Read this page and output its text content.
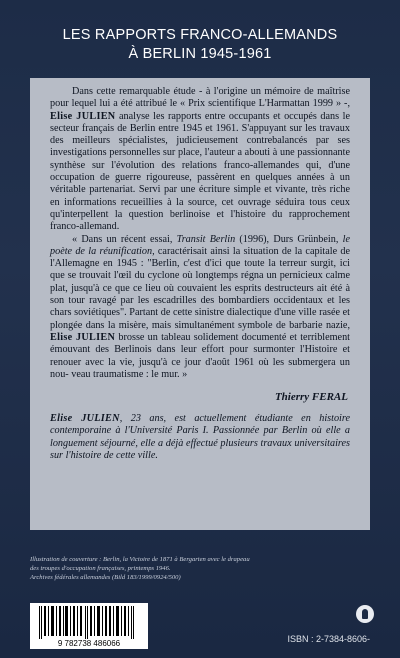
LES RAPPORTS FRANCO-ALLEMANDS
À BERLIN 1945-1961

Dans cette remarquable étude - à l'origine un mémoire de maîtrise pour lequel lui a été attribué le « Prix scientifique L'Harmattan 1999 » -, Elise JULIEN analyse les rapports entre occupants et occupés dans le secteur français de Berlin entre 1945 et 1961. S'appuyant sur les travaux des meilleurs spécialistes, judicieusement contrebalancés par ses investigations personnelles sur place, l'auteur a abouti à une passionnante synthèse sur l'évolution des relations franco-allemandes qui, d'une occupation de guerre rigoureuse, passèrent en quelques années à un véritable partenariat. Servi par une écriture simple et vivante, très riche en informations recueillies à la source, cet ouvrage séduira tous ceux qu'interpellent la question berlinoise et l'histoire du rapprochement franco-allemand.

« Dans un récent essai, Transit Berlin (1996), Durs Grünbein, le poète de la réunification, caractérisait ainsi la situation de la capitale de l'Allemagne en 1945 : "Berlin, c'est d'ici que toute la terreur surgit, ici que se trouvait l'œil du cyclone où longtemps régna un pernicieux calme plat, jusqu'à ce que ce lieu où couvaient les esprits destructeurs ait été à son tour ravagé par les escadrilles des bombardiers occidentaux et les chars soviétiques". Partant de cette sinistre dialectique d'une ville rasée et plongée dans la misère, mais simultanément symbole de barbarie nazie, Elise JULIEN brosse un tableau solidement documenté et terriblement émouvant des Berlinois dans leur effort pour surmonter l'Histoire et renouer avec la vie, jusqu'à ce jour d'août 1961 où les submergera un nou- veau traumatisme : le mur. »

Thierry FERAL

Elise JULIEN, 23 ans, est actuellement étudiante en histoire contemporaine à l'Université Paris I. Passionnée par Berlin où elle a longuement séjourné, elle a déjà effectué plusieurs travaux universitaires sur l'histoire de cette ville.

Illustration de couverture : Berlin, la Victoire de 1871 à Bergarten avec le drapeau
des troupes d'occupation françaises, printemps 1946.
Archives fédérales allemandes (Bild 183/1999/0924/500)
9 782738 486066	ISBN : 2-7384-8606-
